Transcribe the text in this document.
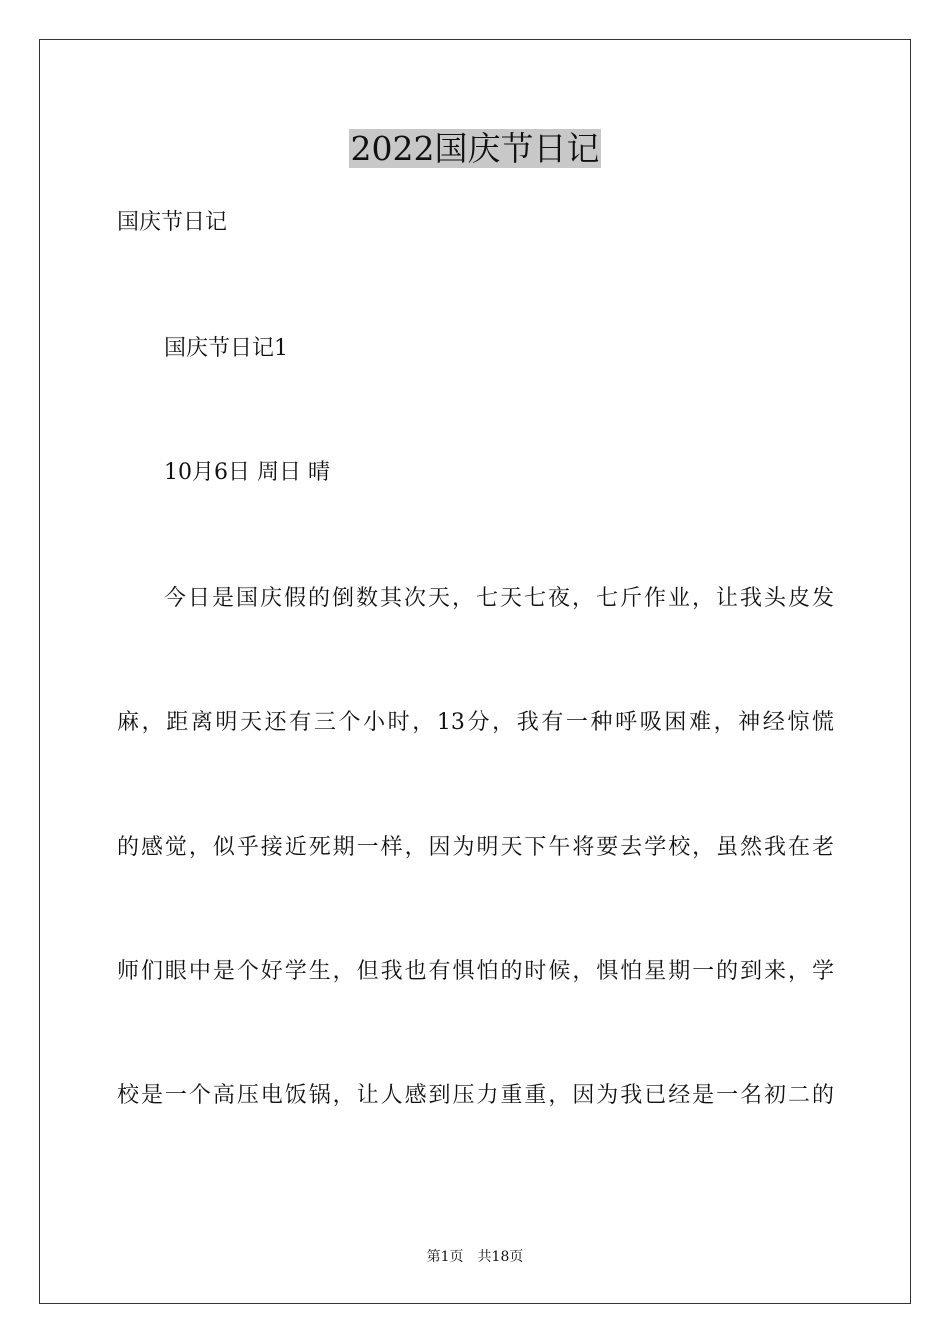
2022国庆节日记
国庆节日记
国庆节日记1
10月6日 周日 晴
今日是国庆假的倒数其次天，七天七夜，七斤作业，让我头皮发
麻，距离明天还有三个小时，13分，我有一种呼吸困难，神经惊慌
的感觉，似乎接近死期一样，因为明天下午将要去学校，虽然我在老
师们眼中是个好学生，但我也有惧怕的时候，惧怕星期一的到来，学
校是一个高压电饭锅，让人感到压力重重，因为我已经是一名初二的
第1页 共18页
